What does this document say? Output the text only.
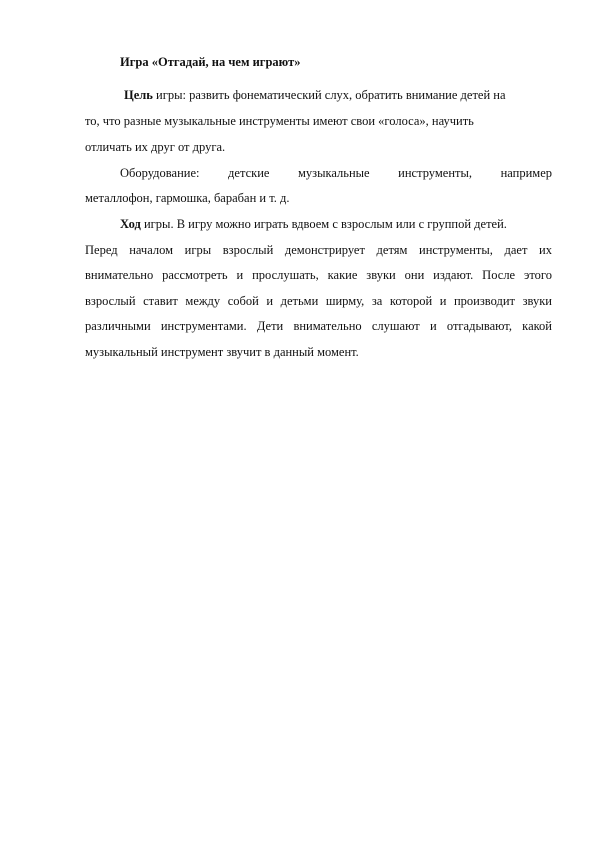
Игра «Отгадай, на чем играют»
Цель игры: развить фонематический слух, обратить внимание детей на
то, что разные музыкальные инструменты имеют свои «голоса», научить
отличать их друг от друга.
Оборудование: детские музыкальные инструменты, например
металлофон, гармошка, барабан и т. д.
Ход игры. В игру можно играть вдвоем с взрослым или с группой детей.
Перед началом игры взрослый демонстрирует детям инструменты, дает их
внимательно рассмотреть и прослушать, какие звуки они издают. После этого
взрослый ставит между собой и детьми ширму, за которой и производит звуки
различными инструментами. Дети внимательно слушают и отгадывают, какой
музыкальный инструмент звучит в данный момент.
